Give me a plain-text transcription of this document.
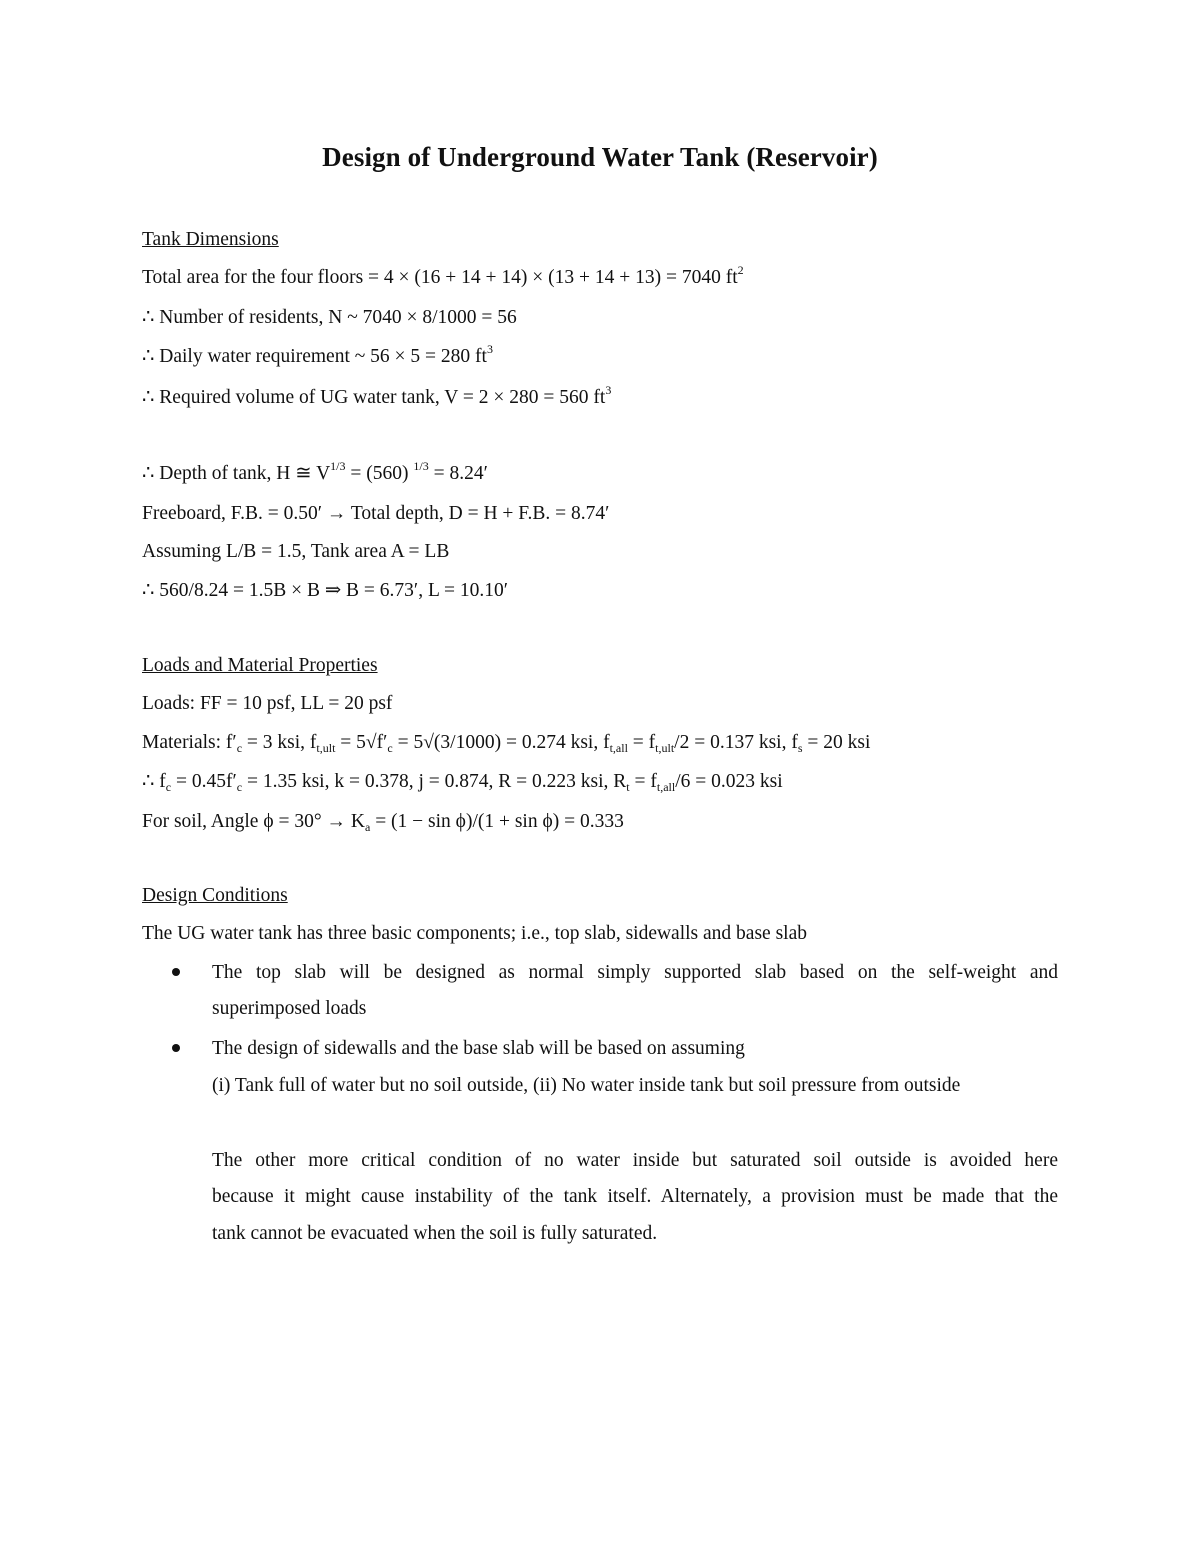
Design of Underground Water Tank (Reservoir)
Tank Dimensions
Total area for the four floors = 4 × (16 + 14 + 14) × (13 + 14 + 13) = 7040 $ft^2$
∴ Number of residents, N ~ 7040 × 8/1000 = 56
∴ Daily water requirement ~ 56 × 5 = 280 $ft^3$
∴ Required volume of UG water tank, V = 2 × 280 = 560 $ft^3$
∴ Depth of tank, H ≅ $V^{1/3} = (560) ^{1/3} = 8.24'$
Freeboard, F.B. = 0.50′ → Total depth, D = H + F.B. = 8.74′
Assuming L/B = 1.5, Tank area A = LB
∴ 560/8.24 = 1.5B × B ⇒ B = 6.73′, L = 10.10′
Loads and Material Properties
Loads: FF = 10 psf, LL = 20 psf
Materials: $f'_c = 3$ ksi, $f_{t,ult} = 5√f'_c = 5√(3/1000) = 0.274$ ksi, $f_{t,all} = f_{t,ult}/2 = 0.137$ ksi, $f_s = 20$ ksi
∴ $f_c = 0.45f'_c = 1.35$ ksi, k = 0.378, j = 0.874, R = 0.223 ksi, $R_t = f_{t,all}/6 = 0.023$ ksi
For soil, Angle $\phi = 30^\circ \to K_a = (1 - \sin \phi)/(1 + \sin \phi) = 0.333$
Design Conditions
The UG water tank has three basic components; i.e., top slab, sidewalls and base slab
The top slab will be designed as normal simply supported slab based on the self-weight and
superimposed loads
The design of sidewalls and the base slab will be based on assuming
(i) Tank full of water but no soil outside, (ii) No water inside tank but soil pressure from outside
The other more critical condition of no water inside but saturated soil outside is avoided here
because it might cause instability of the tank itself. Alternately, a provision must be made that the
tank cannot be evacuated when the soil is fully saturated.
